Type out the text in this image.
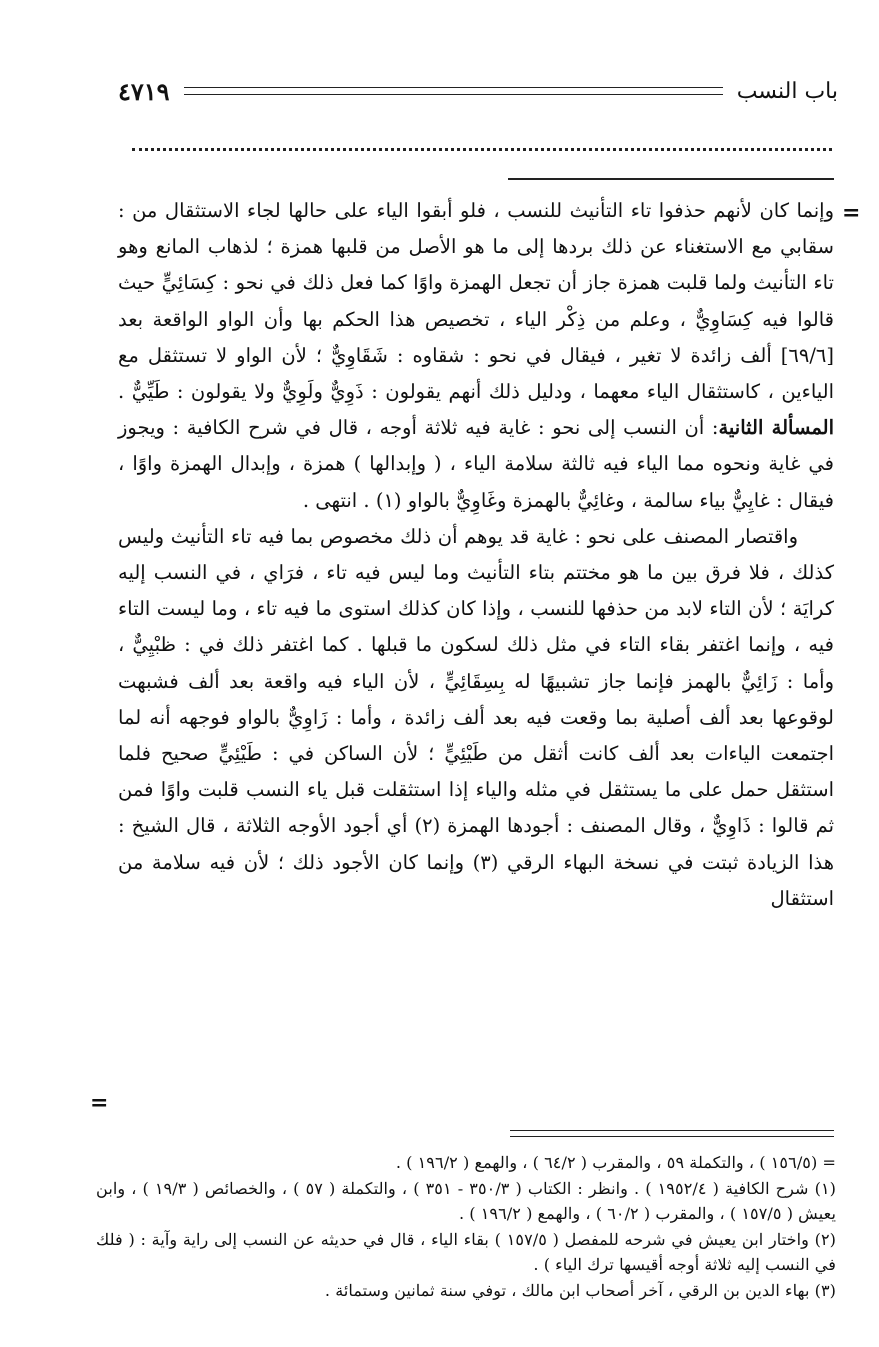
باب النسب
٤٧١٩
=

وإنما كان لأنهم حذفوا تاء التأنيث للنسب ، فلو أبقوا الياء على حالها لجاء الاستثقال من : سقابي مع الاستغناء عن ذلك بردها إلى ما هو الأصل من قلبها همزة ؛ لذهاب المانع وهو تاء التأنيث ولما قلبت همزة جاز أن تجعل الهمزة واوًا كما فعل ذلك في نحو : كِسَائِيٍّ حيث قالوا فيه كِسَاوِيٌّ ، وعلم من ذِكْر الياء ، تخصيص هذا الحكم بها وأن الواو الواقعة بعد [٦٩/٦] ألف زائدة لا تغير ، فيقال في نحو : شقاوه : شَقَاوِيٌّ ؛ لأن الواو لا تستثقل مع الياءين ، كاستثقال الياء معهما ، ودليل ذلك أنهم يقولون : ذَوِيٌّ ولَوِيٌّ ولا يقولون : طَيِّيٌّ . المسألة الثانية: أن النسب إلى نحو : غاية فيه ثلاثة أوجه ، قال في شرح الكافية : ويجوز في غاية ونحوه مما الياء فيه ثالثة سلامة الياء ، ( وإبدالها ) همزة ، وإبدال الهمزة واوًا ، فيقال : غايِيٌّ بياء سالمة ، وغائِيٌّ بالهمزة وغَاوِيٌّ بالواو (١) . انتهى .

واقتصار المصنف على نحو : غاية قد يوهم أن ذلك مخصوص بما فيه تاء التأنيث وليس كذلك ، فلا فرق بين ما هو مختتم بتاء التأنيث وما ليس فيه تاء ، فرَاي ، في النسب إليه كرايَة ؛ لأن التاء لابد من حذفها للنسب ، وإذا كان كذلك استوى ما فيه تاء ، وما ليست التاء فيه ، وإنما اغتفر بقاء التاء في مثل ذلك لسكون ما قبلها . كما اغتفر ذلك في : ظبْيِيٌّ ، وأما : زَائِيٌّ بالهمز فإنما جاز تشبيهًا له بِسِقَائِيٍّ ، لأن الياء فيه واقعة بعد ألف فشبهت لوقوعها بعد ألف أصلية بما وقعت فيه بعد ألف زائدة ، وأما : زَاوِيٌّ بالواو فوجهه أنه لما اجتمعت الياءات بعد ألف كانت أثقل من طَيْئِيٍّ ؛ لأن الساكن في : طَيْئِيٍّ صحيح فلما استثقل حمل على ما يستثقل في مثله والياء إذا استثقلت قبل ياء النسب قلبت واوًا فمن ثم قالوا : ذَاوِيٌّ ، وقال المصنف : أجودها الهمزة (٢) أي أجود الأوجه الثلاثة ، قال الشيخ : هذا الزيادة ثبتت في نسخة البهاء الرقي (٣) وإنما كان الأجود ذلك ؛ لأن فيه سلامة من استثقال

=

= (١٥٦/٥ ) ، والتكملة ٥٩ ، والمقرب ( ٦٤/٢ ) ، والهمع ( ١٩٦/٢ ) .

(١) شرح الكافية ( ١٩٥٢/٤ ) . وانظر : الكتاب ( ٣٥٠/٣ - ٣٥١ ) ، والتكملة ( ٥٧ ) ، والخصائص ( ١٩/٣ ) ، وابن يعيش ( ١٥٧/٥ ) ، والمقرب ( ٦٠/٢ ) ، والهمع ( ١٩٦/٢ ) .

(٢) واختار ابن يعيش في شرحه للمفصل ( ١٥٧/٥ ) بقاء الياء ، قال في حديثه عن النسب إلى راية وآية : ( فلك في النسب إليه ثلاثة أوجه أقيسها ترك الياء ) .

(٣) بهاء الدين بن الرقي ، آخر أصحاب ابن مالك ، توفي سنة ثمانين وستمائة .
